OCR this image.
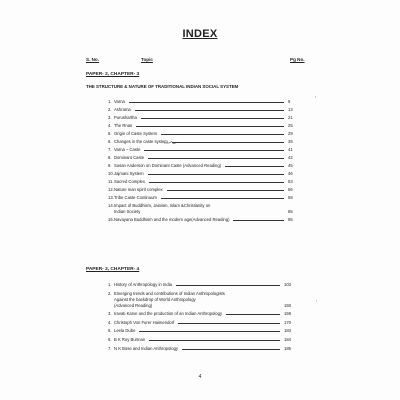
INDEX
S. No.	Topic	Pg No.
PAPER- 2, CHAPTER- 3
THE STRUCTURE & NATURE OF TRADITIONAL INDIAN SOCIAL SYSTEM
1. Varna	9
2. Ashrama	13
3. Purushartha	21
4. The Rnas	25
5. Origin of Caste System	29
6. Changes in the caste system	35
7. Varna – Caste	41
8. Dominant Caste	42
9. Susan Anderson on Dominant Caste (Advanced Reading)	45
10.Jajmani System	46
11.Sacred Complex	53
12.Nature man spirit complex	56
13.Tribe Caste Continuum	58
14.Impact of Buddhism, Jainism, Islam &Christianity on
Indian Society	65
15.Navayana Buddhism and the modern age(Advanced Reading)	95
PAPER- 2, CHAPTER- 4
1. History of Anthropology in India	103
2. Emerging trends and contributions of Indian Anthropologists
Against the backdrop of World Anthropology
(Advanced Reading)	150
3. Iravati Karve and the production of an Indian Anthropology	159
4. Christoph Von Furer Haimendorf	170
5. Leela Dube	183
6. B K Roy Burman	184
7. N K Bose and Indian Anthropology	185
,
,
4
